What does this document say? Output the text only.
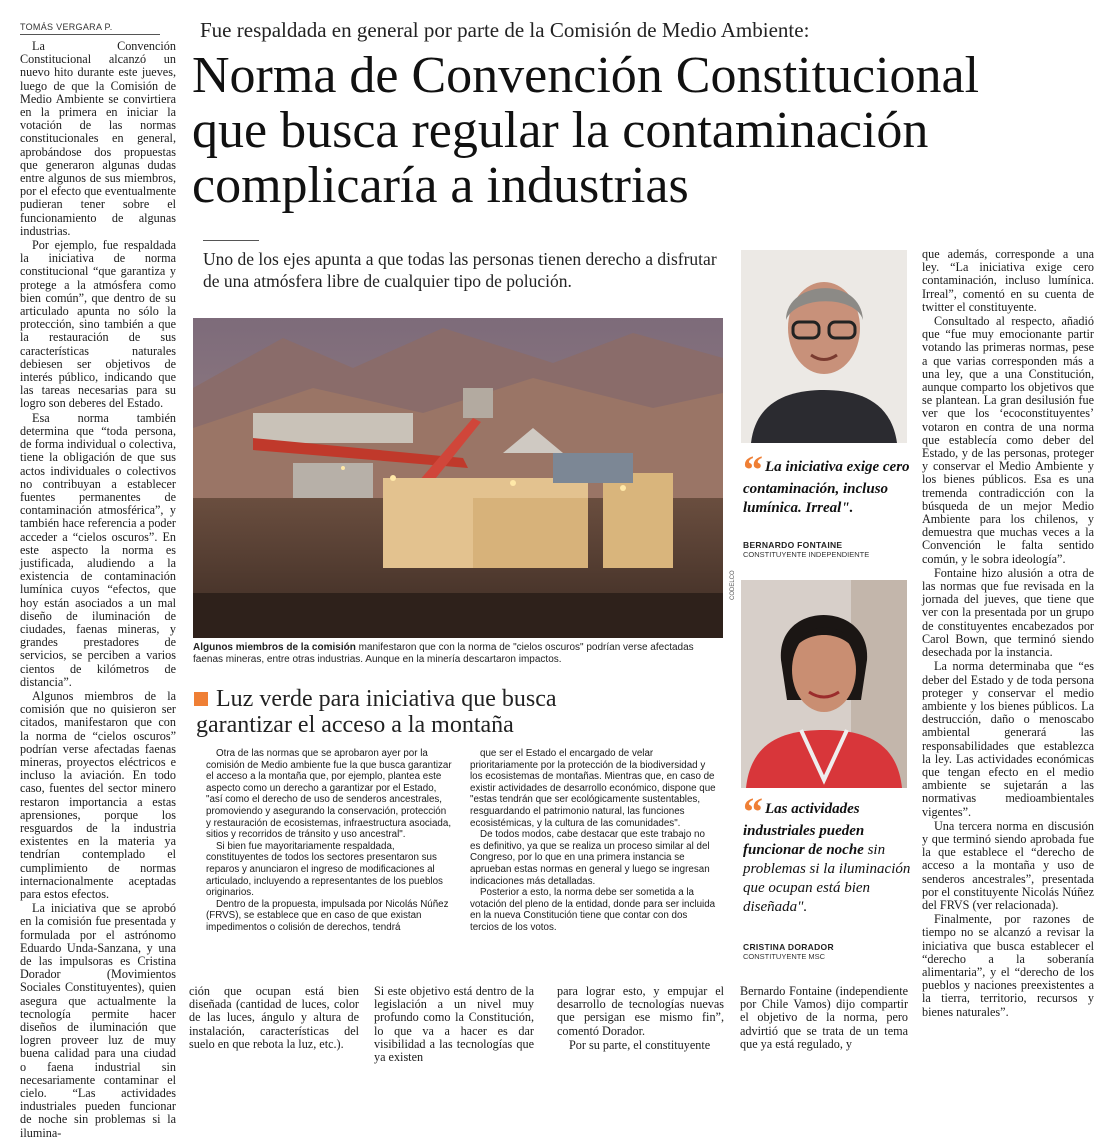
TOMÁS VERGARA P.

La Convención Constitucional alcanzó un nuevo hito durante este jueves, luego de que la Comisión de Medio Ambiente se convirtiera en la primera en iniciar la votación de las normas constitucionales en general, aprobándose dos propuestas que generaron algunas dudas entre algunos de sus miembros, por el efecto que eventualmente pudieran tener sobre el funcionamiento de algunas industrias.

Por ejemplo, fue respaldada la iniciativa de norma constitucional “que garantiza y protege a la atmósfera como bien común”, que dentro de su articulado apunta no sólo la protección, sino también a que la restauración de sus características naturales debiesen ser objetivos de interés público, indicando que las tareas necesarias para su logro son deberes del Estado.

Esa norma también determina que “toda persona, de forma individual o colectiva, tiene la obligación de que sus actos individuales o colectivos no contribuyan a establecer fuentes permanentes de contaminación atmosférica”, y también hace referencia a poder acceder a “cielos oscuros”. En este aspecto la norma es justificada, aludiendo a la existencia de contaminación lumínica cuyos “efectos, que hoy están asociados a un mal diseño de iluminación de ciudades, faenas mineras, y grandes prestadores de servicios, se perciben a varios cientos de kilómetros de distancia”.

Algunos miembros de la comisión que no quisieron ser citados, manifestaron que con la norma de “cielos oscuros” podrían verse afectadas faenas mineras, proyectos eléctricos e incluso la aviación. En todo caso, fuentes del sector minero restaron importancia a estas aprensiones, porque los resguardos de la industria existentes en la materia ya tendrían contemplado el cumplimiento de normas internacionalmente aceptadas para estos efectos.

La iniciativa que se aprobó en la comisión fue presentada y formulada por el astrónomo Eduardo Unda-Sanzana, y una de las impulsoras es Cristina Dorador (Movimientos Sociales Constituyentes), quien asegura que actualmente la tecnología permite hacer diseños de iluminación que logren proveer luz de muy buena calidad para una ciudad o faena industrial sin necesariamente contaminar el cielo. “Las actividades industriales pueden funcionar de noche sin problemas si la ilumina-

Fue respaldada en general por parte de la Comisión de Medio Ambiente:
Norma de Convención Constitucional que busca regular la contaminación complicaría a industrias

Uno de los ejes apunta a que todas las personas tienen derecho a disfrutar de una atmósfera libre de cualquier tipo de polución.

CODELCO
Algunos miembros de la comisión manifestaron que con la norma de "cielos oscuros" podrían verse afectadas faenas mineras, entre otras industrias. Aunque en la minería descartaron impactos.
Luz verde para iniciativa que busca garantizar el acceso a la montaña

Otra de las normas que se aprobaron ayer por la comisión de Medio ambiente fue la que busca garantizar el acceso a la montaña que, por ejemplo, plantea este aspecto como un derecho a garantizar por el Estado, "así como el derecho de uso de senderos ancestrales, promoviendo y asegurando la conservación, protección y restauración de ecosistemas, infraestructura asociada, sitios y recorridos de tránsito y uso ancestral".

Si bien fue mayoritariamente respaldada, constituyentes de todos los sectores presentaron sus reparos y anunciaron el ingreso de modificaciones al articulado, incluyendo a representantes de los pueblos originarios.

Dentro de la propuesta, impulsada por Nicolás Núñez (FRVS), se establece que en caso de que existan impedimentos o colisión de derechos, tendrá

que ser el Estado el encargado de velar prioritariamente por la protección de la biodiversidad y los ecosistemas de montañas. Mientras que, en caso de existir actividades de desarrollo económico, dispone que "estas tendrán que ser ecológicamente sustentables, resguardando el patrimonio natural, las funciones ecosistémicas, y la cultura de las comunidades".

De todos modos, cabe destacar que este trabajo no es definitivo, ya que se realiza un proceso similar al del Congreso, por lo que en una primera instancia se aprueban estas normas en general y luego se ingresan indicaciones más detalladas.

Posterior a esto, la norma debe ser sometida a la votación del pleno de la entidad, donde para ser incluida en la nueva Constitución tiene que contar con dos tercios de los votos.

ción que ocupan está bien diseñada (cantidad de luces, color de las luces, ángulo y altura de instalación, características del suelo en que rebota la luz, etc.).

Si este objetivo está dentro de la legislación a un nivel muy profundo como la Constitución, lo que va a hacer es dar visibilidad a las tecnologías que ya existen

para lograr esto, y empujar el desarrollo de tecnologías nuevas que persigan ese mismo fin”, comentó Dorador.

Por su parte, el constituyente

Bernardo Fontaine (independiente por Chile Vamos) dijo compartir el objetivo de la norma, pero advirtió que se trata de un tema que ya está regulado, y

“ La iniciativa exige cero contaminación, incluso lumínica. Irreal".
BERNARDO FONTAINE
CONSTITUYENTE INDEPENDIENTE
“ Las actividades industriales pueden funcionar de noche sin problemas si la iluminación que ocupan está bien diseñada".
CRISTINA DORADOR
CONSTITUYENTE MSC

que además, corresponde a una ley. “La iniciativa exige cero contaminación, incluso lumínica. Irreal”, comentó en su cuenta de twitter el constituyente.

Consultado al respecto, añadió que “fue muy emocionante partir votando las primeras normas, pese a que varias corresponden más a una ley, que a una Constitución, aunque comparto los objetivos que se plantean. La gran desilusión fue ver que los ‘ecoconstituyentes’ votaron en contra de una norma que establecía como deber del Estado, y de las personas, proteger y conservar el Medio Ambiente y los bienes públicos. Esa es una tremenda contradicción con la búsqueda de un mejor Medio Ambiente para los chilenos, y demuestra que muchas veces a la Convención le falta sentido común, y le sobra ideología”.

Fontaine hizo alusión a otra de las normas que fue revisada en la jornada del jueves, que tiene que ver con la presentada por un grupo de constituyentes encabezados por Carol Bown, que terminó siendo desechada por la instancia.

La norma determinaba que “es deber del Estado y de toda persona proteger y conservar el medio ambiente y los bienes públicos. La destrucción, daño o menoscabo ambiental generará las responsabilidades que establezca la ley. Las actividades económicas que tengan efecto en el medio ambiente se sujetarán a las normativas medioambientales vigentes”.

Una tercera norma en discusión y que terminó siendo aprobada fue la que establece el “derecho de acceso a la montaña y uso de senderos ancestrales”, presentada por el constituyente Nicolás Núñez del FRVS (ver relacionada).

Finalmente, por razones de tiempo no se alcanzó a revisar la iniciativa que busca establecer el “derecho a la soberanía alimentaria”, y el “derecho de los pueblos y naciones preexistentes a la tierra, territorio, recursos y bienes naturales”.
